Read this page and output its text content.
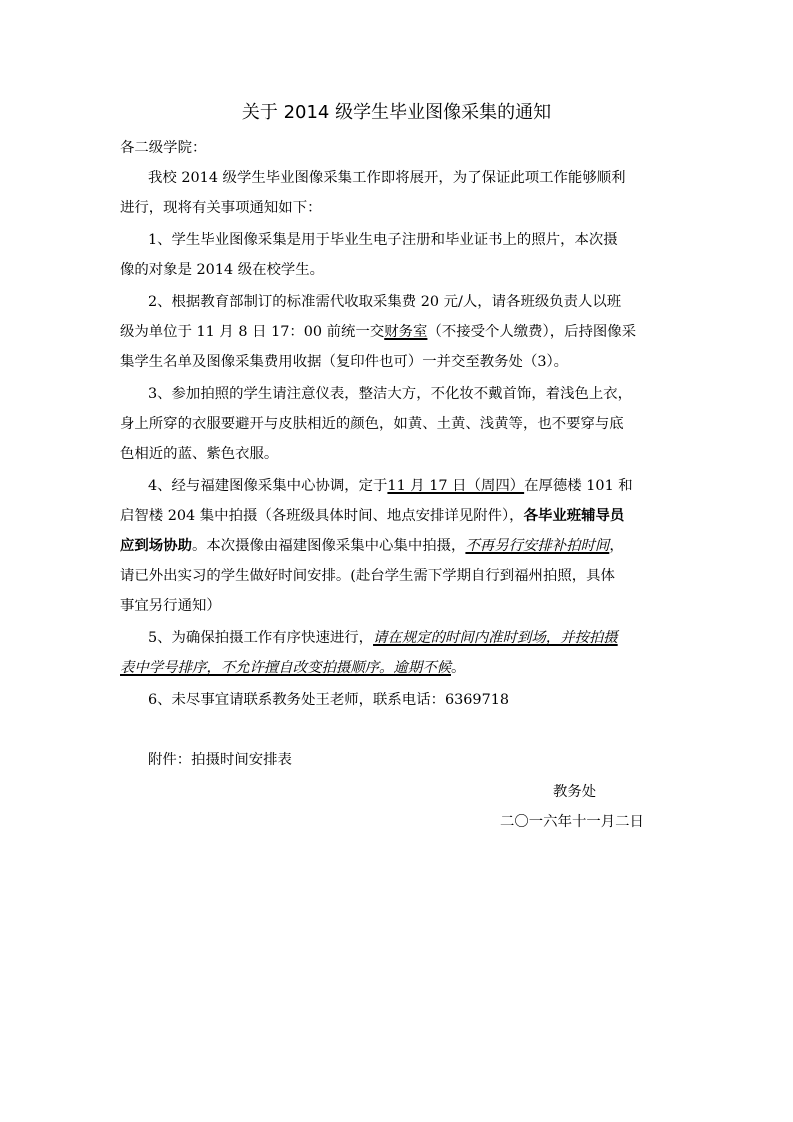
关于 2014 级学生毕业图像采集的通知

各二级学院：

我校 2014 级学生毕业图像采集工作即将展开，为了保证此项工作能够顺利

进行，现将有关事项通知如下：

1、学生毕业图像采集是用于毕业生电子注册和毕业证书上的照片，本次摄

像的对象是 2014 级在校学生。

2、根据教育部制订的标准需代收取采集费 20 元/人，请各班级负责人以班

级为单位于 11 月 8 日 17：00 前统一交财务室（不接受个人缴费），后持图像采

集学生名单及图像采集费用收据（复印件也可）一并交至教务处（3）。

3、参加拍照的学生请注意仪表，整洁大方，不化妆不戴首饰，着浅色上衣，

身上所穿的衣服要避开与皮肤相近的颜色，如黄、土黄、浅黄等，也不要穿与底

色相近的蓝、紫色衣服。

4、经与福建图像采集中心协调，定于11 月 17 日（周四）在厚德楼 101 和

启智楼 204 集中拍摄（各班级具体时间、地点安排详见附件），各毕业班辅导员

应到场协助。本次摄像由福建图像采集中心集中拍摄，不再另行安排补拍时间，

请已外出实习的学生做好时间安排。(赴台学生需下学期自行到福州拍照，具体

事宜另行通知）

5、为确保拍摄工作有序快速进行，请在规定的时间内准时到场，并按拍摄

表中学号排序，不允许擅自改变拍摄顺序。逾期不候。

6、未尽事宜请联系教务处王老师，联系电话：6369718

附件：拍摄时间安排表

教务处

二〇一六年十一月二日
